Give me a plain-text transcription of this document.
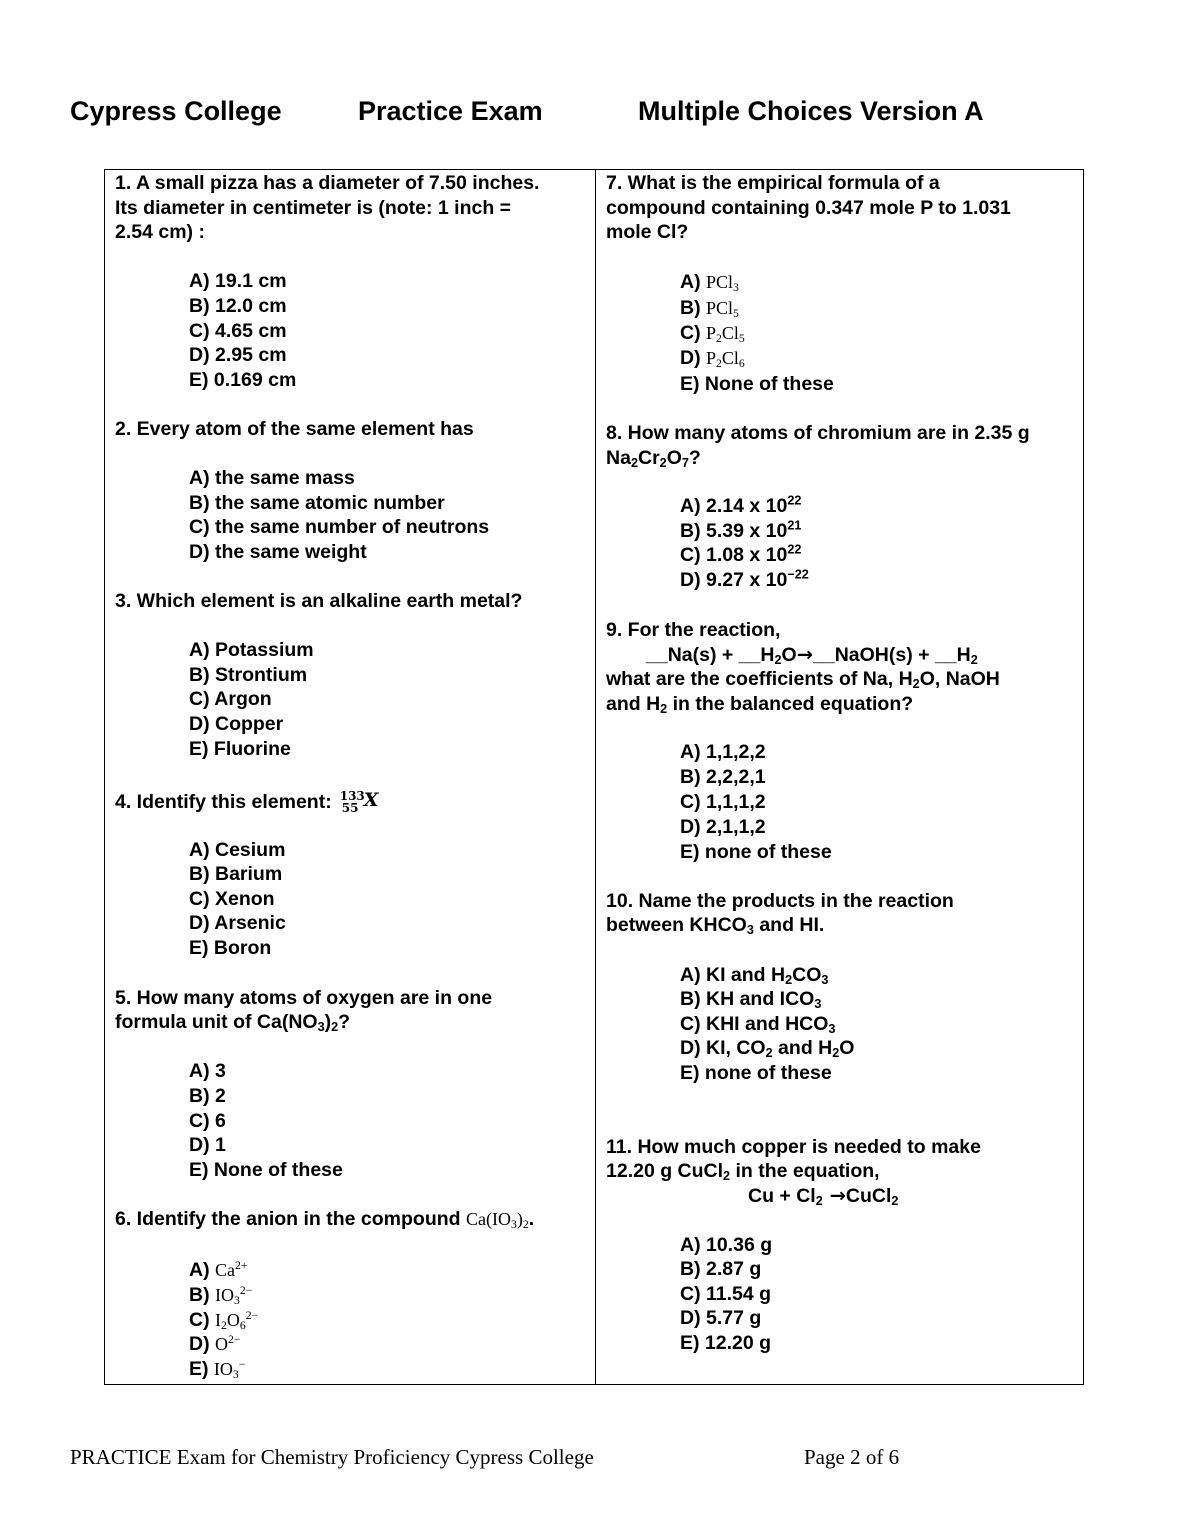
Cypress College	Practice Exam	Multiple Choices Version A
1. A small pizza has a diameter of 7.50 inches.
Its diameter in centimeter is (note: 1 inch =
2.54 cm) :
A) 19.1 cm
B) 12.0 cm
C) 4.65 cm
D) 2.95 cm
E) 0.169 cm
2. Every atom of the same element has
A) the same mass
B) the same atomic number
C) the same number of neutrons
D) the same weight
3. Which element is an alkaline earth metal?
A) Potassium
B) Strontium
C) Argon
D) Copper
E) Fluorine
4. Identify this element: 133
55 X
A) Cesium
B) Barium
C) Xenon
D) Arsenic
E) Boron
5. How many atoms of oxygen are in one
formula unit of $Ca(NO_3)_2$?
A) 3
B) 2
C) 6
D) 1
E) None of these
6. Identify the anion in the compound $Ca(IO_3)_2$.
A) $Ca^{2+}$
B) $IO_3^{2-}$
C) $I_2O_6^{2-}$
D) $O^{2-}$
E) $IO_3^-$
7. What is the empirical formula of a
compound containing 0.347 mole P to 1.031
mole Cl?
A) PCl$_3$
B) PCl$_5$
C) $P_2Cl_5$
D) $P_2Cl_6$
E) None of these
8. How many atoms of chromium are in 2.35 g
$Na_2Cr_2O_7$?
A) 2.14 x $10^{22}$
B) 5.39 x $10^{21}$
C) 1.08 x $10^{22}$
D) 9.27 x $10^{-22}$
9. For the reaction,
__Na(s) + $\_\_H_2O\to\_\_NaOH(s)$ + $\_\_H_2$
what are the coefficients of Na, $H_2O$, NaOH
and $H_2$ in the balanced equation?
A) 1,1,2,2
B) 2,2,2,1
C) 1,1,1,2
D) 2,1,1,2
E) none of these
10. Name the products in the reaction
between $KHCO_3$ and HI.
A) KI and $H_2CO_3$
B) KH and $ICO_3$
C) KHI and $HCO_3$
D) KI, $CO_2$ and $H_2O$
E) none of these
11. How much copper is needed to make
12.20 g CuCl$_2$ in the equation,
$Cu + Cl_2$ →CuCl$_2$
A) 10.36 g
B) 2.87 g
C) 11.54 g
D) 5.77 g
E) 12.20 g
PRACTICE Exam for Chemistry Proficiency Cypress College	Page 2 of 6
